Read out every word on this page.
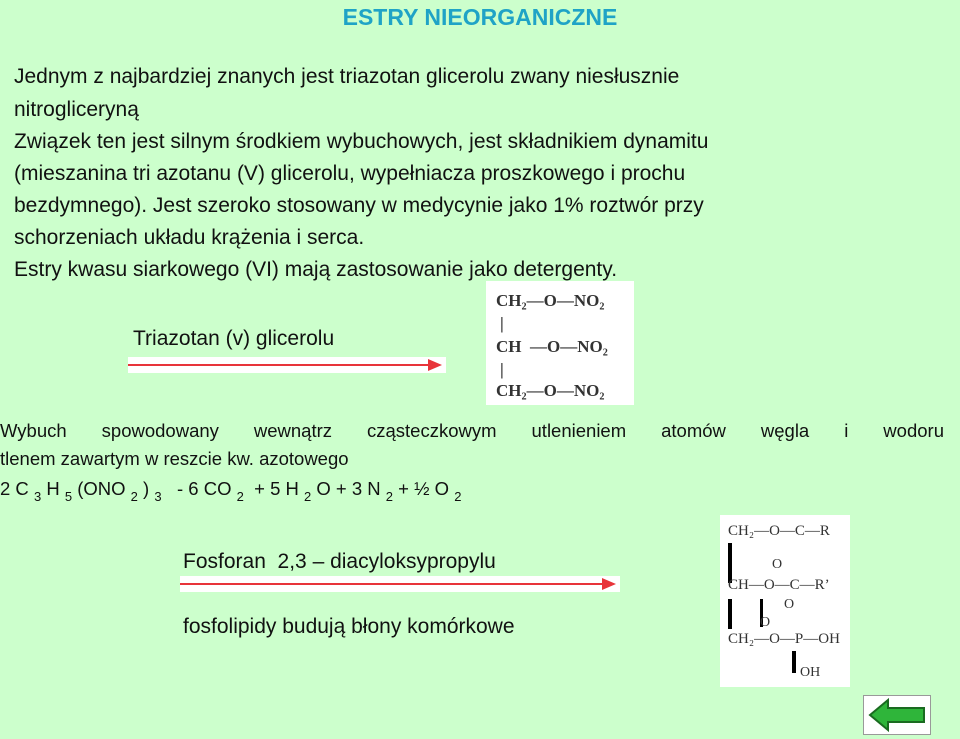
ESTRY NIEORGANICZNE
Jednym z najbardziej znanych jest triazotan glicerolu zwany niesłusznie
nitrogliceryną
Związek ten jest silnym środkiem wybuchowych, jest składnikiem dynamitu
(mieszanina tri azotanu (V) glicerolu, wypełniacza proszkowego i prochu
bezdymnego). Jest szeroko stosowany w medycynie jako 1% roztwór przy
schorzeniach układu krążenia i serca.
Estry kwasu siarkowego (VI) mają zastosowanie jako detergenty.
Triazotan (v) glicerolu
CH₂—O—NO₂
|
CH  —O—NO₂
|
CH₂—O—NO₂
Wybuch spowodowany wewnątrz cząsteczkowym utlenieniem atomów węgla i wodoru
tlenem zawartym w reszcie kw. azotowego
2 C $_3$ H $_5$ (ONO $_2$ ) $_3$ - 6 CO $_2$ + 5 H $_2$ O + 3 N $_2$ + ½ O $_2$
Fosforan  2,3 – diacyloksypropylu
fosfolipidy budują błony komórkowe
CH₂—O—C—R
O
CH—O—C—R’
O
O
CH₂—O—P—OH
OH
